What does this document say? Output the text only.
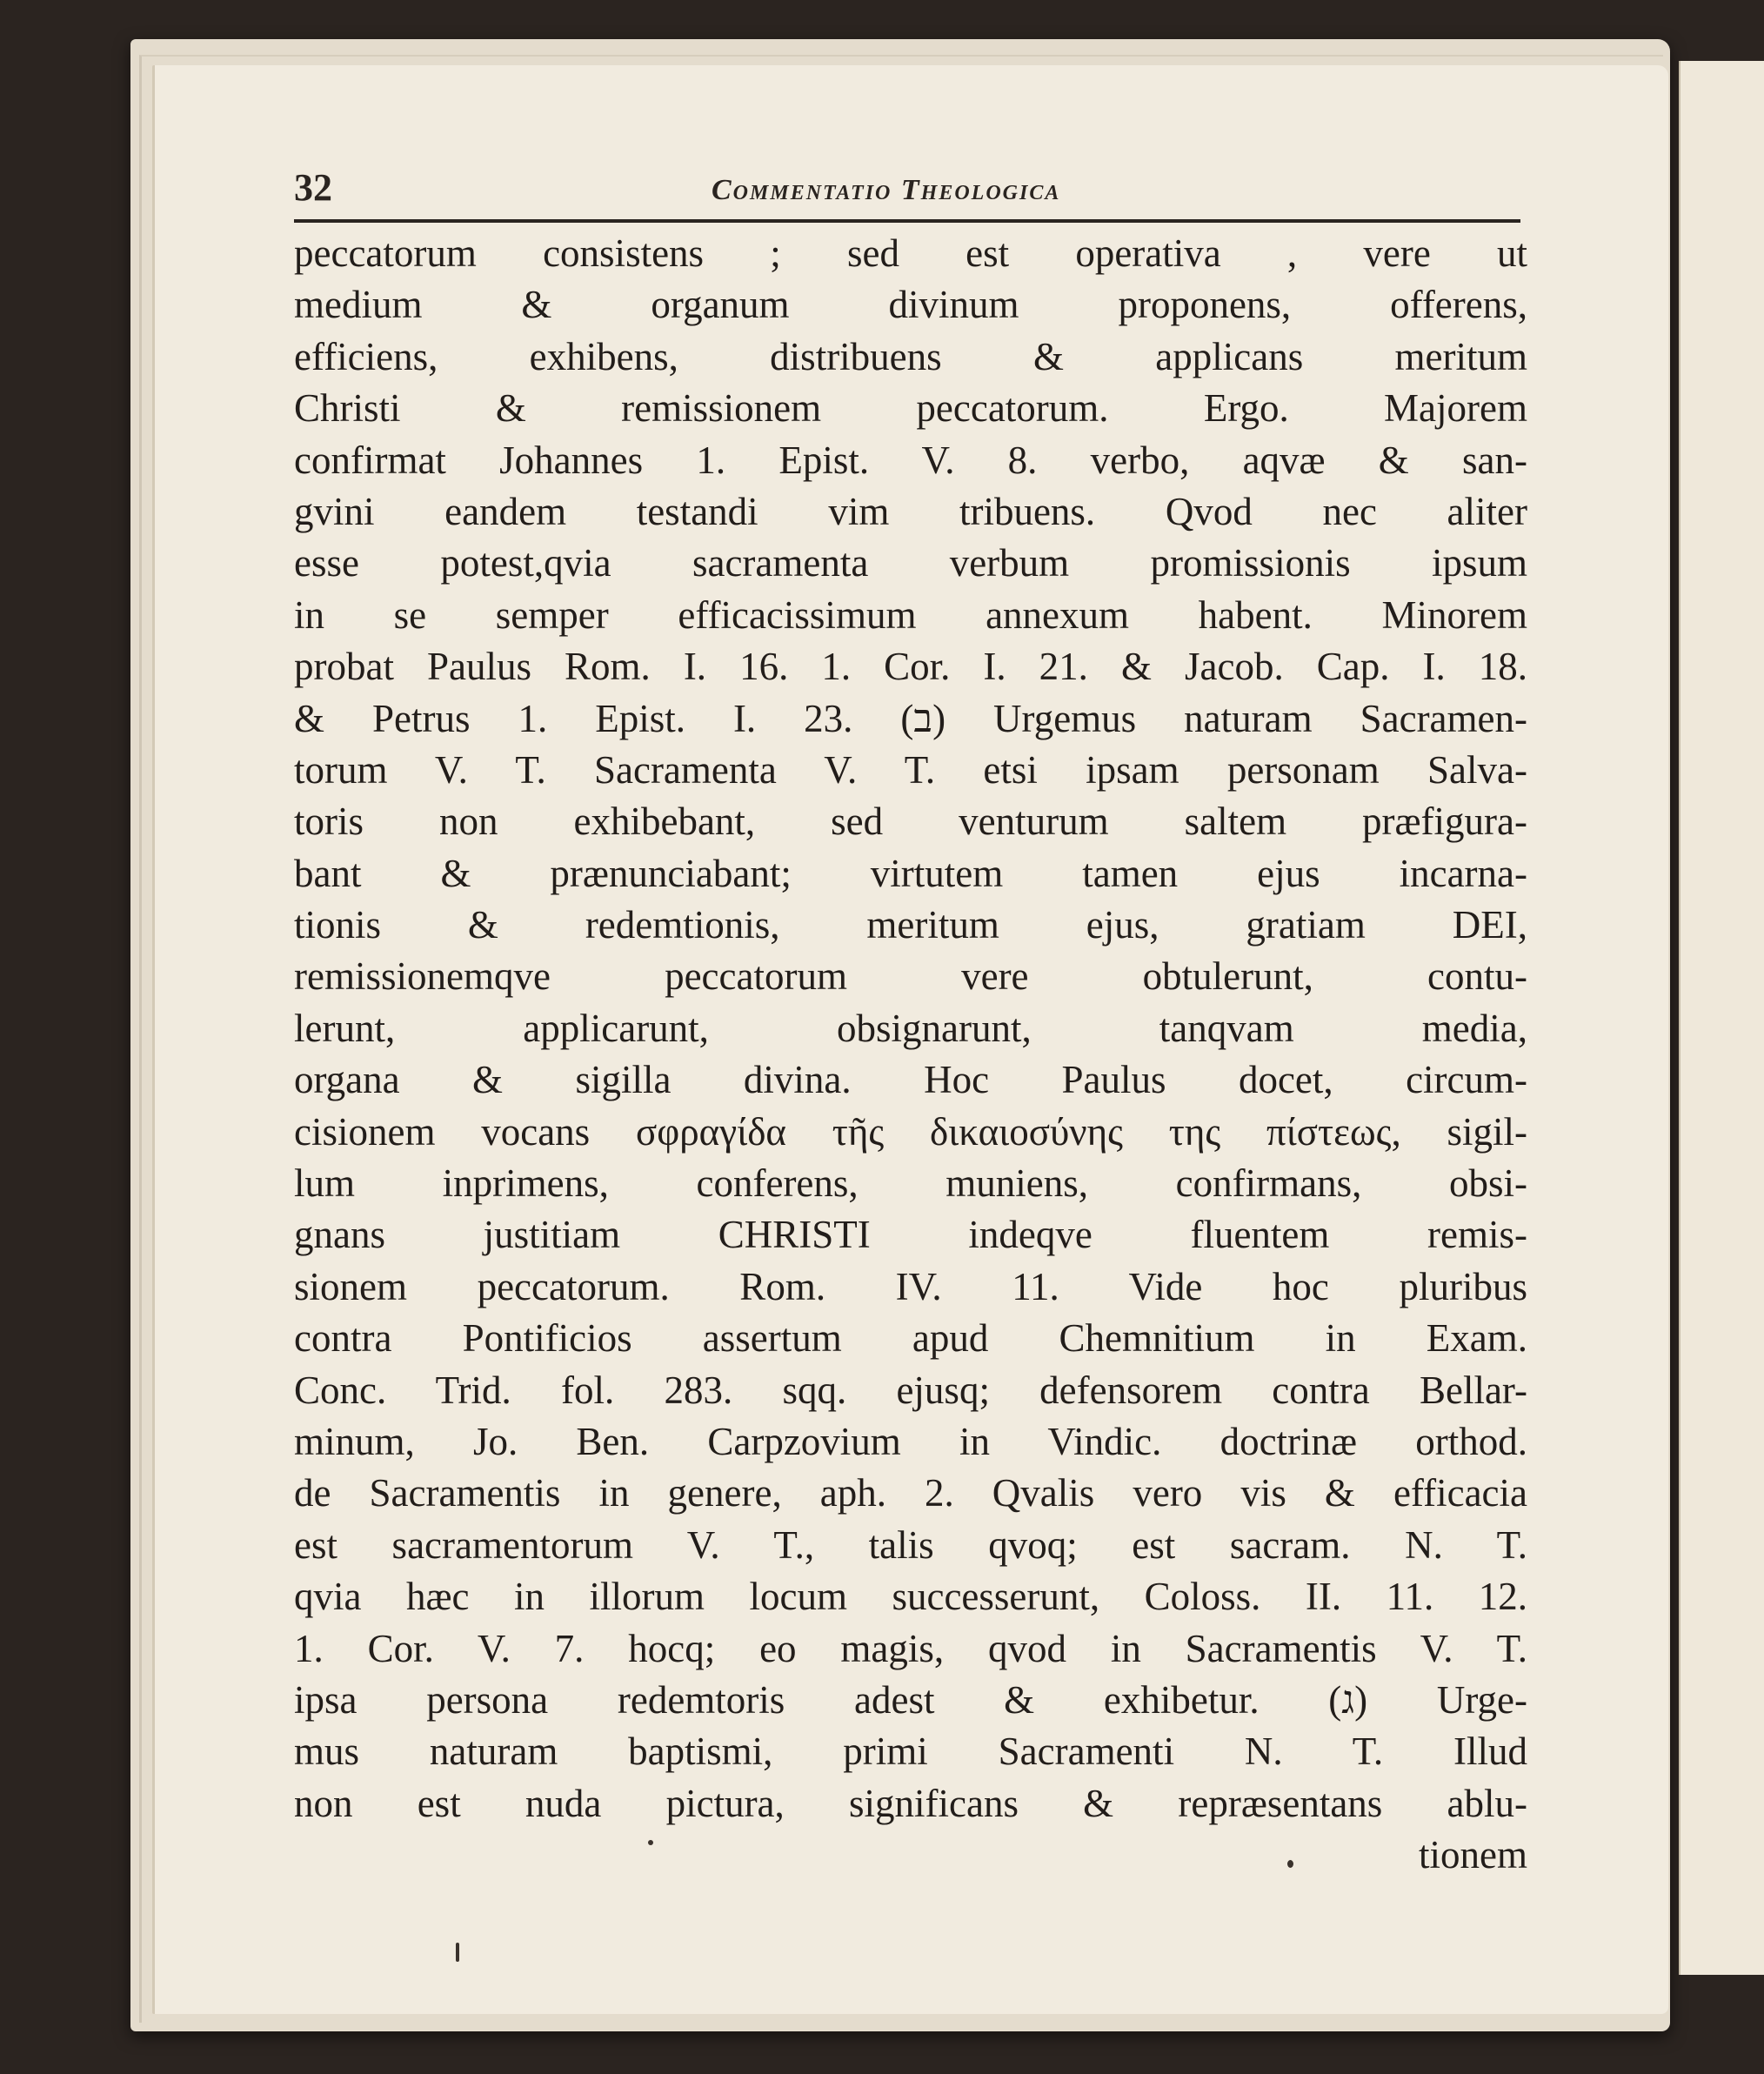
32	Commentatio Theologica
peccatorum consistens ; sed est operativa , vere ut
medium & organum divinum proponens, offerens,
efficiens, exhibens, distribuens & applicans meritum
Christi & remissionem peccatorum. Ergo. Majorem
confirmat Johannes 1. Epist. V. 8. verbo, aqvæ & san-
gvini eandem testandi vim tribuens. Qvod nec aliter
esse potest,qvia sacramenta verbum promissionis ipsum
in se semper efficacissimum annexum habent. Minorem
probat Paulus Rom. I. 16. 1. Cor. I. 21. & Jacob. Cap. I. 18.
& Petrus 1. Epist. I. 23. (ב) Urgemus naturam Sacramen-
torum V. T. Sacramenta V. T. etsi ipsam personam Salva-
toris non exhibebant, sed venturum saltem præfigura-
bant & prænunciabant; virtutem tamen ejus incarna-
tionis & redemtionis, meritum ejus, gratiam DEI,
remissionemqve peccatorum vere obtulerunt, contu-
lerunt, applicarunt, obsignarunt, tanqvam media,
organa & sigilla divina. Hoc Paulus docet, circum-
cisionem vocans σφραγίδα τῆς δικαιοσύνης της πίστεως, sigil-
lum inprimens, conferens, muniens, confirmans, obsi-
gnans justitiam CHRISTI indeqve fluentem remis-
sionem peccatorum. Rom. IV. 11. Vide hoc pluribus
contra Pontificios assertum apud Chemnitium in Exam.
Conc. Trid. fol. 283. sqq. ejusq; defensorem contra Bellar-
minum, Jo. Ben. Carpzovium in Vindic. doctrinæ orthod.
de Sacramentis in genere, aph. 2. Qvalis vero vis & efficacia
est sacramentorum V. T., talis qvoq; est sacram. N. T.
qvia hæc in illorum locum successerunt, Coloss. II. 11. 12.
1. Cor. V. 7. hocq; eo magis, qvod in Sacramentis V. T.
ipsa persona redemtoris adest & exhibetur. (ג) Urge-
mus naturam baptismi, primi Sacramenti N. T. Illud
non est nuda pictura, significans & repræsentans ablu-
tionem
